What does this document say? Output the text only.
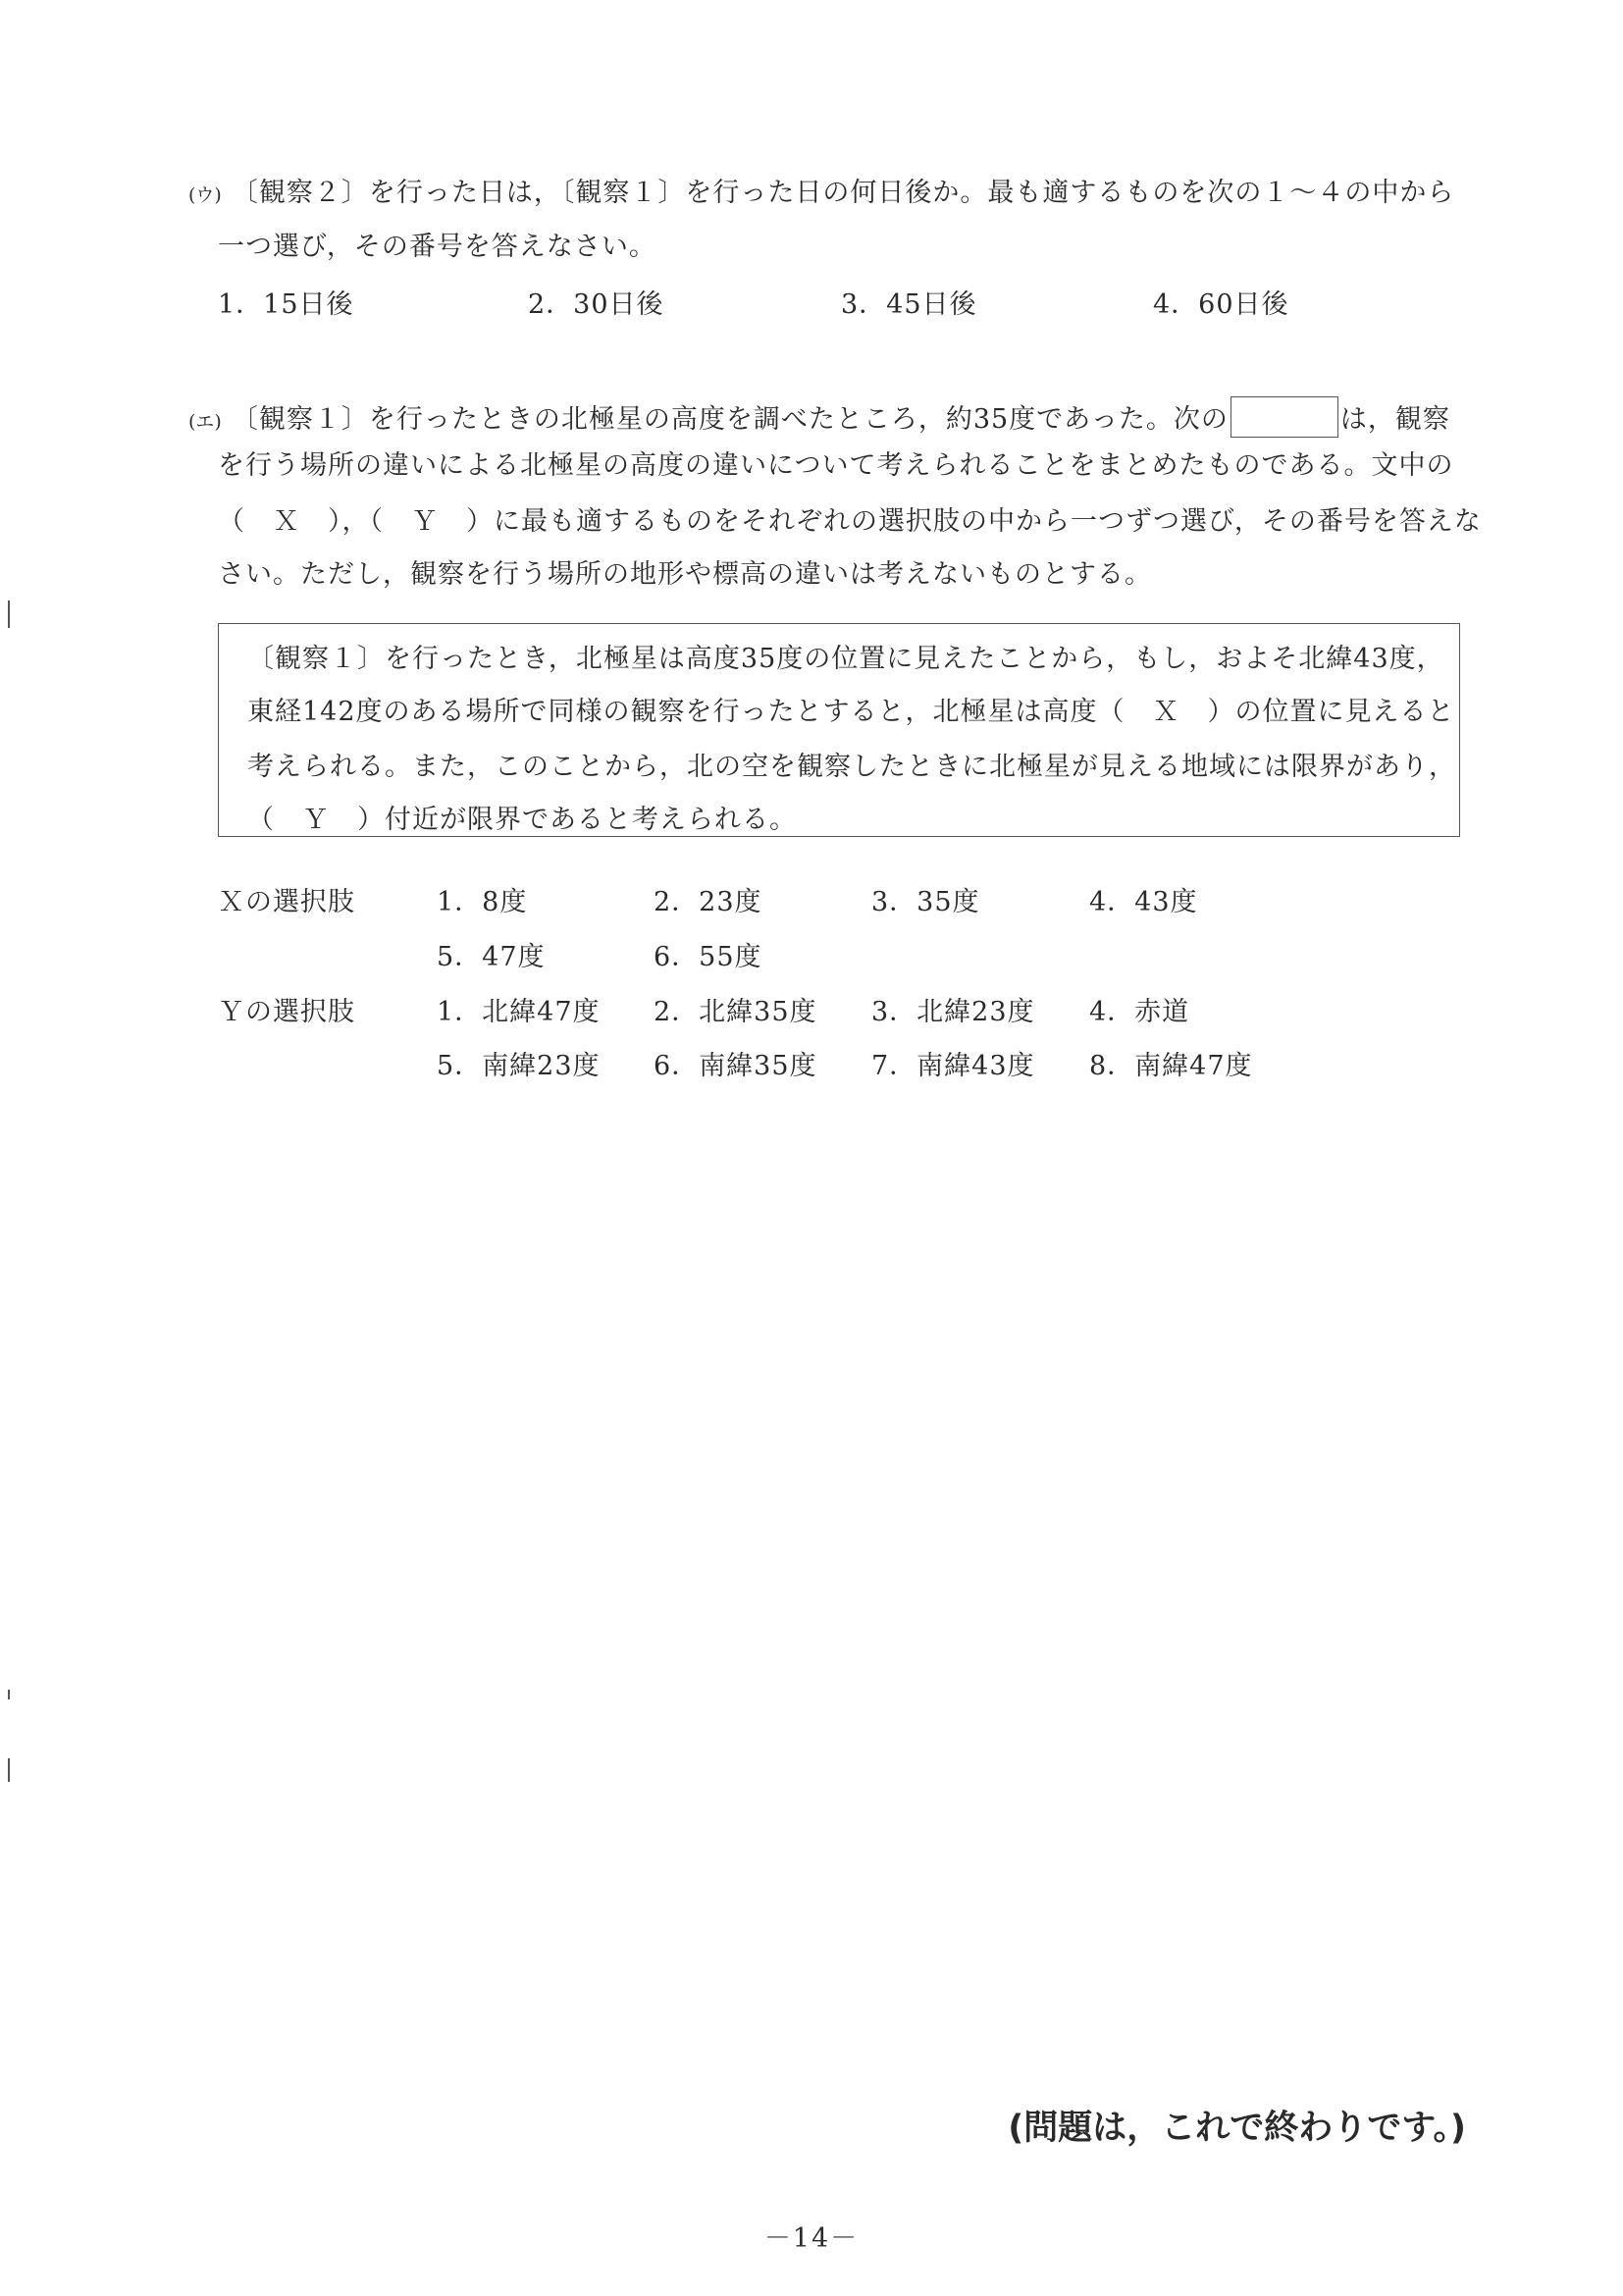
(ウ) 〔観察２〕を行った日は，〔観察１〕を行った日の何日後か。最も適するものを次の１～４の中から
一つ選び，その番号を答えなさい。
1．15日後	2．30日後	3．45日後	4．60日後
(エ) 〔観察１〕を行ったときの北極星の高度を調べたところ，約35度であった。次の	は，観察
を行う場所の違いによる北極星の高度の違いについて考えられることをまとめたものである。文中の
（　Ｘ　），（　Ｙ　）に最も適するものをそれぞれの選択肢の中から一つずつ選び，その番号を答えな
さい。ただし，観察を行う場所の地形や標高の違いは考えないものとする。
〔観察１〕を行ったとき，北極星は高度35度の位置に見えたことから，もし，およそ北緯43度，
東経142度のある場所で同様の観察を行ったとすると，北極星は高度（　Ｘ　）の位置に見えると
考えられる。また，このことから，北の空を観察したときに北極星が見える地域には限界があり，
（　Ｙ　）付近が限界であると考えられる。
Ｘの選択肢	1．8度	2．23度	3．35度	4．43度
5．47度	6．55度
Ｙの選択肢	1．北緯47度 2．北緯35度 3．北緯23度 4．赤道
5．南緯23度 6．南緯35度 7．南緯43度 8．南緯47度
(問題は，これで終わりです。)
－14－
